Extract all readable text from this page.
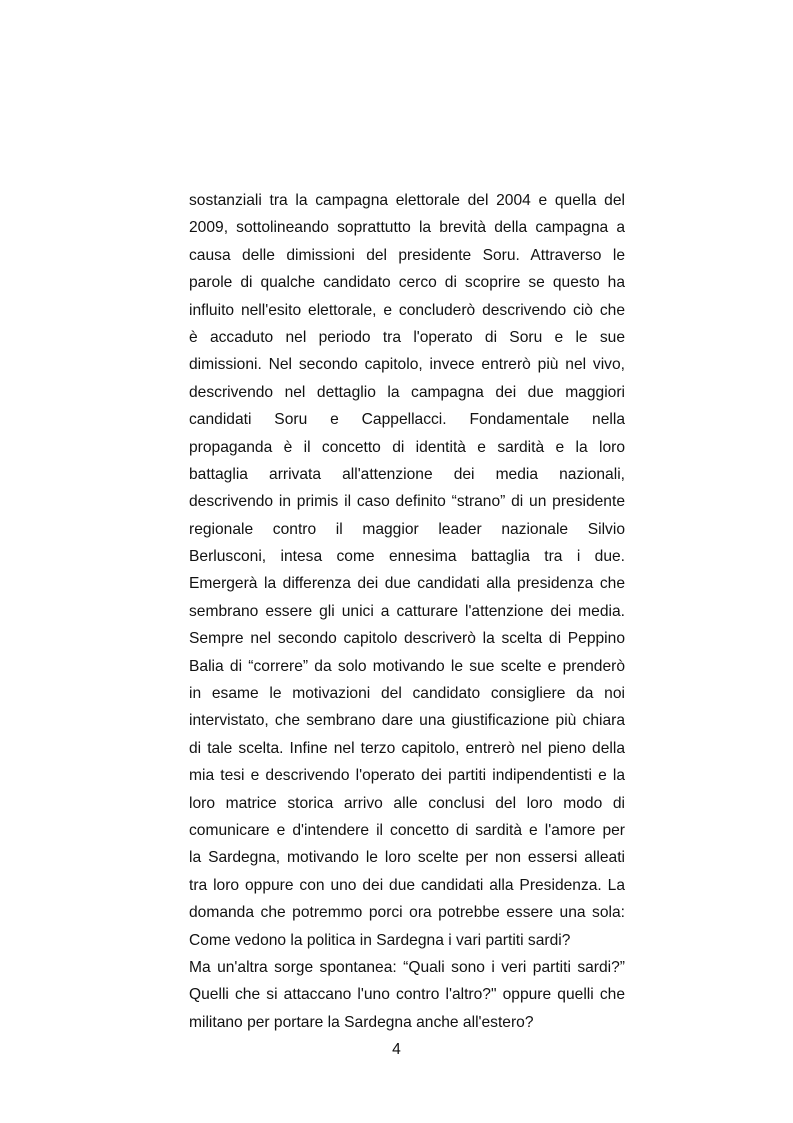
sostanziali tra la campagna elettorale del 2004 e quella del
2009, sottolineando soprattutto la brevità della campagna a
causa delle dimissioni del presidente Soru. Attraverso le
parole di qualche candidato cerco di scoprire se questo ha
influito nell'esito elettorale, e concluderò descrivendo ciò che
è accaduto nel periodo tra l'operato di Soru e le sue
dimissioni. Nel secondo capitolo, invece entrerò più nel vivo,
descrivendo nel dettaglio la campagna dei due maggiori
candidati Soru e Cappellacci. Fondamentale nella
propaganda è il concetto di identità e sardità e la loro
battaglia arrivata all'attenzione dei media nazionali,
descrivendo in primis il caso definito “strano” di un presidente
regionale contro il maggior leader nazionale Silvio
Berlusconi, intesa come ennesima battaglia tra i due.
Emergerà la differenza dei due candidati alla presidenza che
sembrano essere gli unici a catturare l'attenzione dei media.
Sempre nel secondo capitolo descriverò la scelta di Peppino
Balia di “correre” da solo motivando le sue scelte e prenderò
in esame le motivazioni del candidato consigliere da noi
intervistato, che sembrano dare una giustificazione più chiara
di tale scelta. Infine nel terzo capitolo, entrerò nel pieno della
mia tesi e descrivendo l'operato dei partiti indipendentisti e la
loro matrice storica arrivo alle conclusi del loro modo di
comunicare e d'intendere il concetto di sardità e l'amore per
la Sardegna, motivando le loro scelte per non essersi alleati
tra loro oppure con uno dei due candidati alla Presidenza. La
domanda che potremmo porci ora potrebbe essere una sola:
Come vedono la politica in Sardegna i vari partiti sardi?
Ma un'altra sorge spontanea: “Quali sono i veri partiti sardi?”
Quelli che si attaccano l'uno contro l'altro?" oppure quelli che
militano per portare la Sardegna anche all'estero?
4
